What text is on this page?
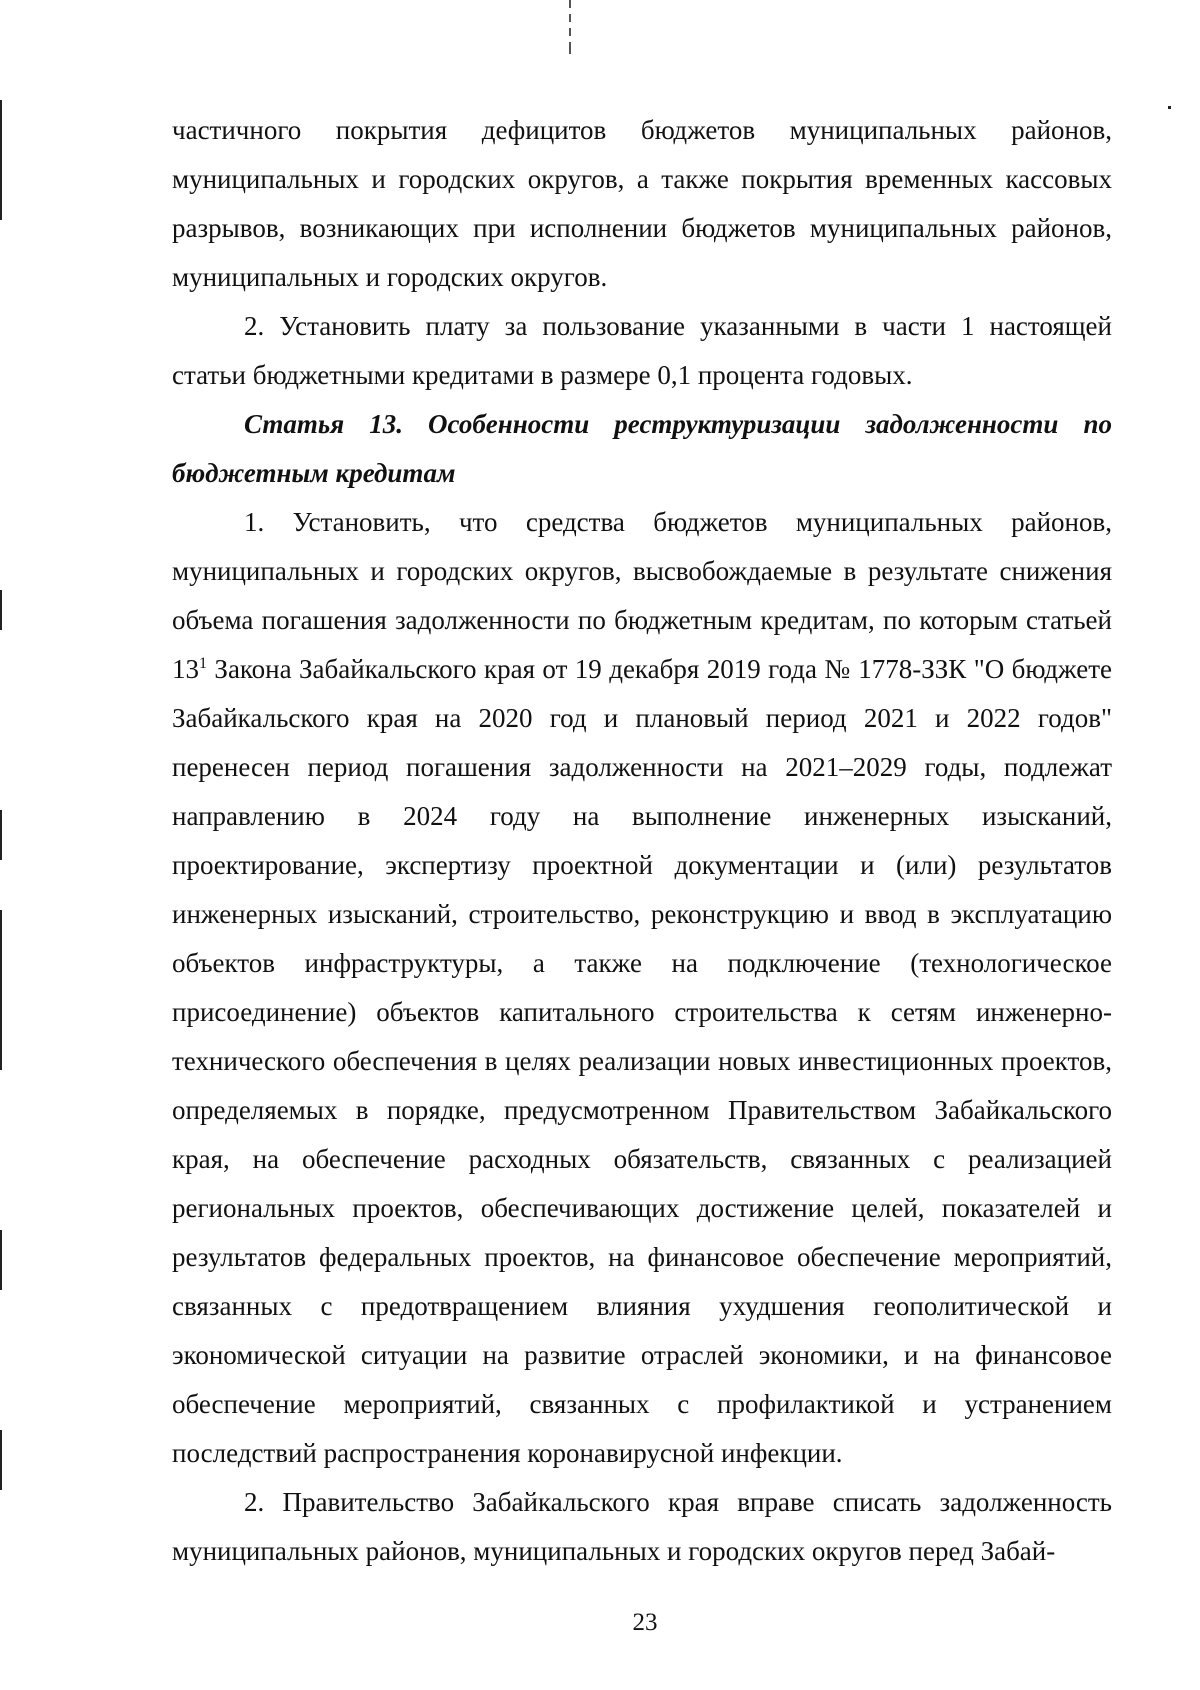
частичного покрытия дефицитов бюджетов муниципальных районов, муниципальных и городских округов, а также покрытия временных кассовых разрывов, возникающих при исполнении бюджетов муниципальных районов, муниципальных и городских округов.

2. Установить плату за пользование указанными в части 1 настоящей статьи бюджетными кредитами в размере 0,1 процента годовых.

Статья 13. Особенности реструктуризации задолженности по бюджетным кредитам

1. Установить, что средства бюджетов муниципальных районов, муниципальных и городских округов, высвобождаемые в результате снижения объема погашения задолженности по бюджетным кредитам, по которым статьей $13^1$ Закона Забайкальского края от 19 декабря 2019 года № 1778-ЗЗК "О бюджете Забайкальского края на 2020 год и плановый период 2021 и 2022 годов" перенесен период погашения задолженности на 2021–2029 годы, подлежат направлению в 2024 году на выполнение инженерных изысканий, проектирование, экспертизу проектной документации и (или) результатов инженерных изысканий, строительство, реконструкцию и ввод в эксплуатацию объектов инфраструктуры, а также на подключение (технологическое присоединение) объектов капитального строительства к сетям инженерно-технического обеспечения в целях реализации новых инвестиционных проектов, определяемых в порядке, предусмотренном Правительством Забайкальского края, на обеспечение расходных обязательств, связанных с реализацией региональных проектов, обеспечивающих достижение целей, показателей и результатов федеральных проектов, на финансовое обеспечение мероприятий, связанных с предотвращением влияния ухудшения геополитической и экономической ситуации на развитие отраслей экономики, и на финансовое обеспечение мероприятий, связанных с профилактикой и устранением последствий распространения коронавирусной инфекции.

2. Правительство Забайкальского края вправе списать задолженность муниципальных районов, муниципальных и городских округов перед Забай-

23
